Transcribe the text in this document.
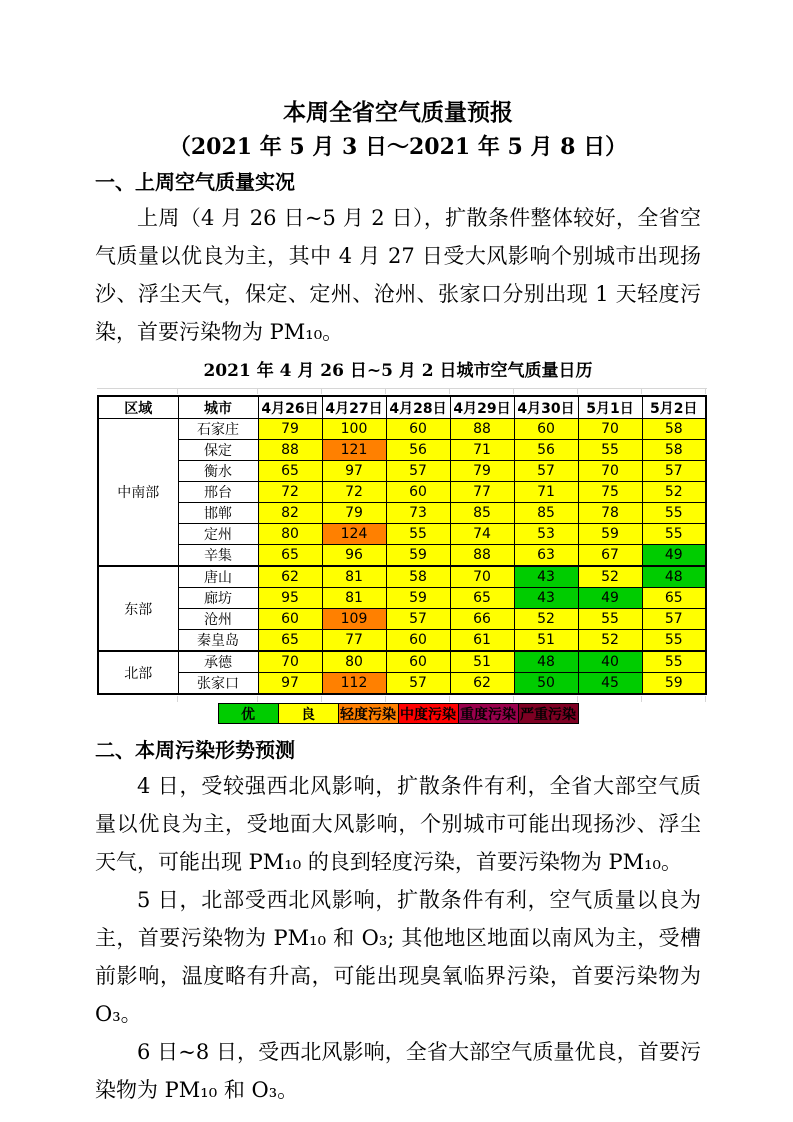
本周全省空气质量预报
（2021 年 5 月 3 日～2021 年 5 月 8 日）
一、上周空气质量实况

上周（4 月 26 日~5 月 2 日），扩散条件整体较好，全省空气质量以优良为主，其中 4 月 27 日受大风影响个别城市出现扬沙、浮尘天气，保定、定州、沧州、张家口分别出现 1 天轻度污染，首要污染物为 PM₁₀。

2021 年 4 月 26 日~5 月 2 日城市空气质量日历
区域	城市	4月26日	4月27日	4月28日	4月29日	4月30日	5月1日	5月2日
中南部	石家庄	79	100	60	88	60	70	58
	保定	88	121	56	71	56	55	58
	衡水	65	97	57	79	57	70	57
	邢台	72	72	60	77	71	75	52
	邯郸	82	79	73	85	85	78	55
	定州	80	124	55	74	53	59	55
	辛集	65	96	59	88	63	67	49
东部	唐山	62	81	58	70	43	52	48
	廊坊	95	81	59	65	43	49	65
	沧州	60	109	57	66	52	55	57
	秦皇岛	65	77	60	61	51	52	55
北部	承德	70	80	60	51	48	40	55
	张家口	97	112	57	62	50	45	59
优	良	轻度污染 中度污染 重度污染 严重污染
二、本周污染形势预测

4 日，受较强西北风影响，扩散条件有利，全省大部空气质量以优良为主，受地面大风影响，个别城市可能出现扬沙、浮尘天气，可能出现 PM₁₀ 的良到轻度污染，首要污染物为 PM₁₀。

5 日，北部受西北风影响，扩散条件有利，空气质量以良为主，首要污染物为 PM₁₀ 和 O₃; 其他地区地面以南风为主，受槽前影响，温度略有升高，可能出现臭氧临界污染，首要污染物为 O₃。

6 日~8 日，受西北风影响，全省大部空气质量优良，首要污染物为 PM₁₀ 和 O₃。
